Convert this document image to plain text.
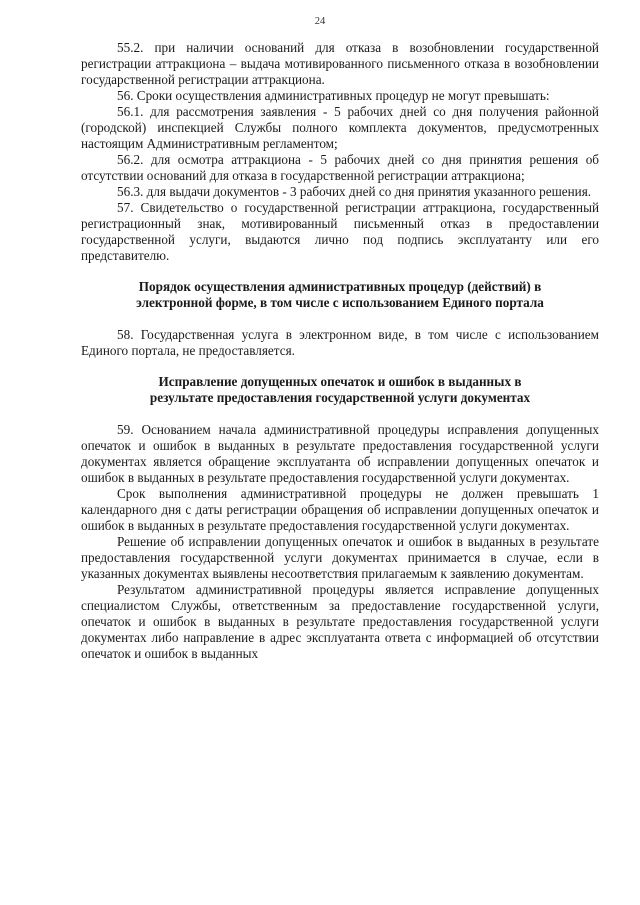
24

55.2. при наличии оснований для отказа в возобновлении государственной регистрации аттракциона – выдача мотивированного письменного отказа в возобновлении государственной регистрации аттракциона.

56. Сроки осуществления административных процедур не могут превышать:

56.1. для рассмотрения заявления - 5 рабочих дней со дня получения районной (городской) инспекцией Службы полного комплекта документов, предусмотренных настоящим Административным регламентом;

56.2. для осмотра аттракциона - 5 рабочих дней со дня принятия решения об отсутствии оснований для отказа в государственной регистрации аттракциона;

56.3. для выдачи документов - 3 рабочих дней со дня принятия указанного решения.

57. Свидетельство о государственной регистрации аттракциона, государственный регистрационный знак, мотивированный письменный отказ в предоставлении государственной услуги, выдаются лично под подпись эксплуатанту или его представителю.

Порядок осуществления административных процедур (действий) в электронной форме, в том числе с использованием Единого портала

58. Государственная услуга в электронном виде, в том числе с использованием Единого портала, не предоставляется.

Исправление допущенных опечаток и ошибок в выданных в результате предоставления государственной услуги документах

59. Основанием начала административной процедуры исправления допущенных опечаток и ошибок в выданных в результате предоставления государственной услуги документах является обращение эксплуатанта об исправлении допущенных опечаток и ошибок в выданных в результате предоставления государственной услуги документах.

Срок выполнения административной процедуры не должен превышать 1 календарного дня с даты регистрации обращения об исправлении допущенных опечаток и ошибок в выданных в результате предоставления государственной услуги документах.

Решение об исправлении допущенных опечаток и ошибок в выданных в результате предоставления государственной услуги документах принимается в случае, если в указанных документах выявлены несоответствия прилагаемым к заявлению документам.

Результатом административной процедуры является исправление допущенных специалистом Службы, ответственным за предоставление государственной услуги, опечаток и ошибок в выданных в результате предоставления государственной услуги документах либо направление в адрес эксплуатанта ответа с информацией об отсутствии опечаток и ошибок в выданных
